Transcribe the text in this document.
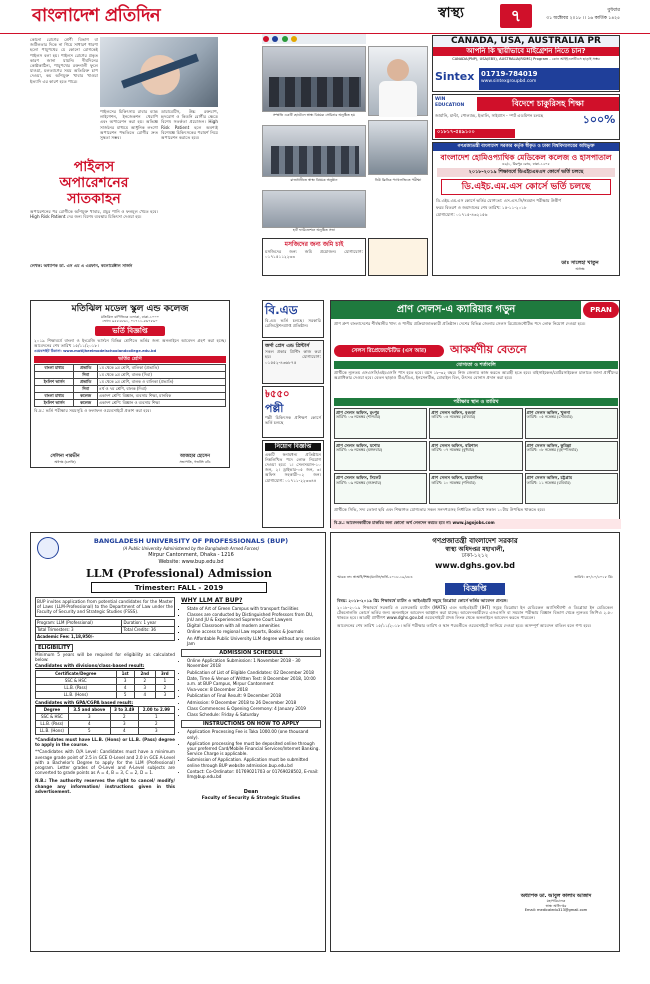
বাংলাদেশ প্রতিদিন	স্বাস্থ্য	৭	বুধবার
৩১ অক্টোবর ২০১৮ ।। ১৬ কার্তিক ১৪২৫
কোনো রোগের শ্রেণী বিভাগ বা জটিলতার দিকে না গিয়ে সাধারণ ধারণা হলো পায়ুপথের যে কোনো রোগকেই পাইলস বলা হয়। পাইলস রোগের প্রকৃত কারণ জানা যায়নি। দীর্ঘদিনের কোষ্ঠকাঠিন্য, পায়ুপথের রক্তনালী ফুলে যাওয়া, মলত্যাগের সময় অতিরিক্ত চাপ দেওয়া, কম আঁশযুক্ত খাবার খাওয়া ইত্যাদি এর কারণ হতে পারে।
পাইলসের চিকিৎসায় রাবার ব্যান্ড লাইগেশন, ইনজেকশন থেরাপি এবং অপারেশন করা হয়। অভিজ্ঞ সার্জনের মাধ্যমে আধুনিক লংগো অপারেশন পদ্ধতিতে রোগীর দ্রুত সুস্থতা সম্ভব।
ডায়াবেটিস, উচ্চ রক্তচাপ, হৃদরোগ ও কিডনি রোগীর ক্ষেত্রে বিশেষ সতর্কতা প্রয়োজন। High Risk Patient হলে অবশ্যই বিশেষজ্ঞ চিকিৎসকের পরামর্শ নিয়ে অপারেশন করাতে হবে।
পাইলস
অপারেশনের
সাতকাহন
অপারেশনের পর রোগীকে আঁশযুক্ত খাবার, প্রচুর পানি ও ফলমূল খেতে হবে। High Risk Patient দের জন্য বিশেষ ব্যবস্থায় চিকিৎসা দেওয়া হয়।
লেখক: অধ্যাপক ডা. এস এম এ এরফান, কলোরেক্টাল সার্জন

সম্প্রতি একটি হোটেলে স্বাস্থ্য বিষয়ক সেমিনার অনুষ্ঠিত হয়
রাজধানীতে স্বাস্থ্য বিষয়ক অনুষ্ঠান
হার্ট ফাউন্ডেশনে অনুষ্ঠিত সভা
নিউ ক্লিনিক প্যাথলজিতে পরীক্ষা
মসজিদের জন্য জমি চাই
মসজিদের জন্য জমি প্রয়োজন। যোগাযোগ: ০১৭১৫১১২২৩৩
CANADA, USA, AUSTRALIA PR
আপনি কি স্থায়ীভাবে মাইগ্রেশন নিতে চান?
CANADA(PNP), USA(EB5), AUSTRALIA(RSMS) Program - কোন আইইএলটিএস ছাড়াই সম্ভব
Sintex 01719-784019
www.sintexgroupbd.com
WIN EDUCATION	বিদেশে চাকুরিসহ শিক্ষা
জার্মানি, মাল্টা, পোল্যান্ড, ইতালি, সাইপ্রাস - স্পট এডমিশন চলছে
০১৮১৭-৫৪৯১০০
১০০%
গণপ্রজাতন্ত্রী বাংলাদেশ সরকার কর্তৃক স্বীকৃত ও ঢাকা বিশ্ববিদ্যালয়ের অধিভুক্ত
বাংলাদেশ হোমিওপ্যাথিক মেডিকেল কলেজ ও হাসপাতাল
৪৬/১, মিরপুর রোড, ঢাকা-১২০৫
২০১৮-২০১৯ শিক্ষাবর্ষে ডিএইচএমএস কোর্সে ভর্তি চলছে
ডি.এইচ.এম.এস কোর্সে ভর্তি চলছে
ডি.এইচ.এম.এস কোর্সে ভর্তির যোগ্যতা: এস.এস.সি/সমমান পরীক্ষায় উত্তীর্ণ
ফরম বিতরণ ও জমাদানের শেষ তারিখ: ১৫-১১-২০১৮
যোগাযোগ: ০১৭১৫-৪৩২১৫৬
ডাঃ সালেহা খাতুন
অধ্যক্ষ
মতিঝিল মডেল স্কুল এন্ড কলেজ
মতিঝিল বাণিজ্যিক এলাকা, ঢাকা-১০০০
ফোন: ৯৫৫২৮৬১, ০১৭১১-৫৬৭৮৯০
ভর্তি বিজ্ঞপ্তি
২০১৯ শিক্ষাবর্ষে বাংলা ও ইংরেজি ভার্সনে বিভিন্ন শ্রেণিতে ভর্তির জন্য অনলাইনে আবেদন গ্রহণ করা হচ্ছে। আবেদনের শেষ তারিখ ১৫/১১/২০১৮।
ওয়েবসাইট ঠিকানা: www.motijheelmodelschoolandcollege.edu.bd
ভর্তির শ্রেণি
বাংলা মাধ্যম	প্রভাতি	১ম থেকে ৯ম শ্রেণি, বালিকা (প্রভাতি)
	দিবা	১ম থেকে ৯ম শ্রেণি, বালক (দিবা)
ইংলিশ ভার্সন	প্রভাতি	১ম থেকে ৯ম শ্রেণি, বালক ও বালিকা (প্রভাতি)
	দিবা	৪র্থ ও ৭ম শ্রেণি, বালক (দিবা)
বাংলা মাধ্যম	কলেজ	একাদশ শ্রেণি: বিজ্ঞান, ব্যবসায় শিক্ষা, মানবিক
ইংলিশ ভার্সন	কলেজ	একাদশ শ্রেণি: বিজ্ঞান ও ব্যবসায় শিক্ষা
বি.দ্র.: ভর্তি পরীক্ষার সময়সূচি ও ফলাফল ওয়েবসাইটে প্রকাশ করা হবে।
সেলিনা পারভীন
অধ্যক্ষ (চলতি)
আজহার হোসেন
সভাপতি, গভর্নিং বডি
বি.এড
বি.এড ভর্তি চলছে। সরকারি রেজিস্ট্রেশনপ্রাপ্ত প্রতিষ্ঠান।
জর্দা প্রেস এন্ড প্রিন্টার্স
সকল প্রকার প্রিন্টিং কাজ করা হয়। যোগাযোগ: ০১৫৫২-৪৩৬৮৭৫
৳৫৫০
পল্লী
পল্লী চিকিৎসক প্রশিক্ষণ কোর্সে ভর্তি চলছে
নিয়োগ বিজ্ঞপ্তি
একটি স্বনামধন্য প্রতিষ্ঠানে নিম্নলিখিত পদে লোক নিয়োগ দেওয়া হবে: ১। সেলসম্যান-১০ জন, ২। ড্রাইভার-০৫ জন, ৩। অফিস সহকারী-০২ জন। যোগাযোগ: ০১৭১১-২২৩৩৪৪
প্রাণ সেলস-এ ক্যারিয়ার গড়ুন	PRAN
প্রাণ গ্রুপ বাংলাদেশের শীর্ষস্থানীয় খাদ্য ও পানীয় প্রক্রিয়াজাতকারী প্রতিষ্ঠান। দেশের বিভিন্ন জেলায় সেলস রিপ্রেজেন্টেটিভ পদে লোক নিয়োগ দেওয়া হবে।
সেলস রিপ্রেজেন্টেটিভ (এস আর)	আকর্ষণীয় বেতনে
যোগ্যতা ও শর্তাবলি
প্রার্থীকে ন্যূনতম এসএসসি/এইচএসসি পাস হতে হবে। বয়স ১৮-৩২ বছর। নিজ জেলায় কাজ করতে আগ্রহী হতে হবে। বাইসাইকেল/মোটরসাইকেল চালাতে জানা প্রার্থীদের অগ্রাধিকার দেওয়া হবে। বেতন ছাড়াও টিএ/ডিএ, ইনসেনটিভ, মোবাইল বিল, উৎসব বোনাস প্রদান করা হবে।
পরীক্ষার স্থান ও তারিখ
প্রাণ সেলস অফিস, রংপুর
তারিখ: ০৩ নভেম্বর (শনিবার)
প্রাণ সেলস অফিস, বগুড়া
তারিখ: ০৪ নভেম্বর (রবিবার)
প্রাণ সেলস অফিস, খুলনা
তারিখ: ০৫ নভেম্বর (সোমবার)
প্রাণ সেলস অফিস, যশোর
তারিখ: ০৬ নভেম্বর (মঙ্গলবার)
প্রাণ সেলস অফিস, বরিশাল
তারিখ: ০৭ নভেম্বর (বুধবার)
প্রাণ সেলস অফিস, কুমিল্লা
তারিখ: ০৮ নভেম্বর (বৃহস্পতিবার)
প্রাণ সেলস অফিস, সিলেট
তারিখ: ০৯ নভেম্বর (শুক্রবার)
প্রাণ সেলস অফিস, ময়মনসিংহ
তারিখ: ১০ নভেম্বর (শনিবার)
প্রাণ সেলস অফিস, চট্টগ্রাম
তারিখ: ১১ নভেম্বর (রবিবার)
প্রার্থীকে সিভি, সদ্য তোলা ছবি এবং শিক্ষাগত যোগ্যতার সকল সনদপত্রসহ নির্ধারিত তারিখে সকাল ১০টায় উপস্থিত থাকতে হবে।
বি.দ্র.: আবেদনকারীকে চাকরির জন্য কোনো অর্থ লেনদেন করতে হবে না। www.jagojobs.com
BANGLADESH UNIVERSITY OF PROFESSIONALS (BUP)
(A Public University Administered by the Bangladesh Armed Forces)
Mirpur Cantonment, Dhaka - 1216
Website: www.bup.edu.bd
LLM (Professional) Admission
Trimester: FALL - 2019
BUP invites application from potential candidates for the Master of Laws (LLM-Professional) to the Department of Law under the Faculty of Security and Strategic Studies (FSSS).
Program: LLM (Professional)	Duration: 1 year
Total Trimesters: 3	Total Credits: 36
Academic Fee: 1,18,950/-	
ELIGIBILITY
Minimum 5 years will be required for eligibility as calculated below:
Candidates with divisions/class-based result:
Certificate/Degree	1st	2nd	3rd
SSC & HSC	3	2	1
LL.B. (Pass)	4	3	2
LL.B. (Hons)	5	4	3
Candidates with GPA/CGPA based result:
Degree	3.5 and above	3 to 3.49	2.00 to 2.99
SSC & HSC	3	2	1
LL.B. (Pass)	4	3	2
LL.B. (Hons)	5	4	3
*Candidates must have LL.B. (Hons) or LL.B. (Pass) degree to apply in the course.
**Candidates with O/A Level: Candidates must have a minimum average grade point of 2.5 in GCE O-Level and 2.0 in GCE A-Level with a Bachelor's Degree to apply for the LLM (Professional) program. Letter grades of O-Level and A-Level subjects are converted to grade points as A = 4, B = 3, C = 2, D = 1.
N.B.: The authority reserves the right to cancel/ modify/ change any information/ instructions given in this advertisement.
WHY LLM AT BUP?
▪ State of Art of Green Campus with transport facilities
▪ Classes are conducted by Distinguished Professors from DU, JnU and JU & Experienced Supreme Court Lawyers
▪ Digital Classroom with all modern amenities
▪ Online access to regional Law reports, Books & Journals
▪ An Affordable Public University LLM degree without any session Jam
ADMISSION SCHEDULE
• Online Application Submission: 1 November 2018 - 30 November 2018
• Publication of List of Eligible Candidates: 02 December 2018
• Date, Time & Venue of Written Test: 8 December 2018, 10:00 a.m. at BUP Campus, Mirpur Cantonment
• Viva-voce: 8 December 2018
• Publication of Final Result: 9 December 2018
• Admission: 9 December 2018 to 26 December 2018
• Class Commences & Opening Ceremony: 4 January 2019
• Class Schedule: Friday & Saturday
INSTRUCTIONS ON HOW TO APPLY
• Application Processing Fee is Taka 1000.00 (one thousand only).
• Application processing fee must be deposited online through your preferred Card/Mobile Financial Services/Internet Banking. Service Charge is applicable.
• Submission of Application. Application must be submitted online through BUP website admission.bup.edu.bd
• Contact: Co-Ordinator: 01769021703 or 01769028502, E-mail: llm@bup.edu.bd
Dean
Faculty of Security & Strategic Studies
গণপ্রজাতন্ত্রী বাংলাদেশ সরকার
স্বাস্থ্য অধিদপ্তর মহাখালী,
ঢাকা-১২১২
www.dghs.gov.bd
স্মারক নং: স্বাঅধি/শিক্ষা/ম্যাটস/ভর্তি-২০১৮-১৯/৫৮৪	তারিখ: ৩০/১০/২০১৮ খ্রি:
বিজ্ঞপ্তি
বিষয়: ২০১৮-২০১৯ খ্রি: শিক্ষাবর্ষে ম্যাটস ও আইএইচটি সমূহে ডিপ্লোমা কোর্সে ভর্তির আবেদন প্রসঙ্গে।
২০১৮-২০১৯ শিক্ষাবর্ষে সরকারি ও বেসরকারি ম্যাটস (MATS) এবং আইএইচটি (IHT) সমূহে ডিপ্লোমা ইন মেডিকেল অ্যাসিস্ট্যান্ট ও ডিপ্লোমা ইন মেডিকেল টেকনোলজি কোর্সে ভর্তির জন্য অনলাইনে আবেদন আহ্বান করা যাচ্ছে। আবেদনকারীদের এসএসসি বা সমমান পরীক্ষায় বিজ্ঞান বিভাগ থেকে ন্যূনতম জিপিএ ২.৫০ থাকতে হবে। আগ্রহী প্রার্থীগণ www.dghs.gov.bd ওয়েবসাইটে প্রদত্ত লিংক থেকে অনলাইনে আবেদন করতে পারবেন।
আবেদনের শেষ তারিখ ১৫/১১/২০১৮। ভর্তি পরীক্ষার তারিখ ও স্থান পরবর্তীতে ওয়েবসাইটে জানিয়ে দেওয়া হবে। অসম্পূর্ণ আবেদন বাতিল বলে গণ্য হবে।
অধ্যাপক ডা. আবুল কালাম আজাদ
মহাপরিচালক
স্বাস্থ্য অধিদপ্তর
Email: medicaledu313@gmail.com
